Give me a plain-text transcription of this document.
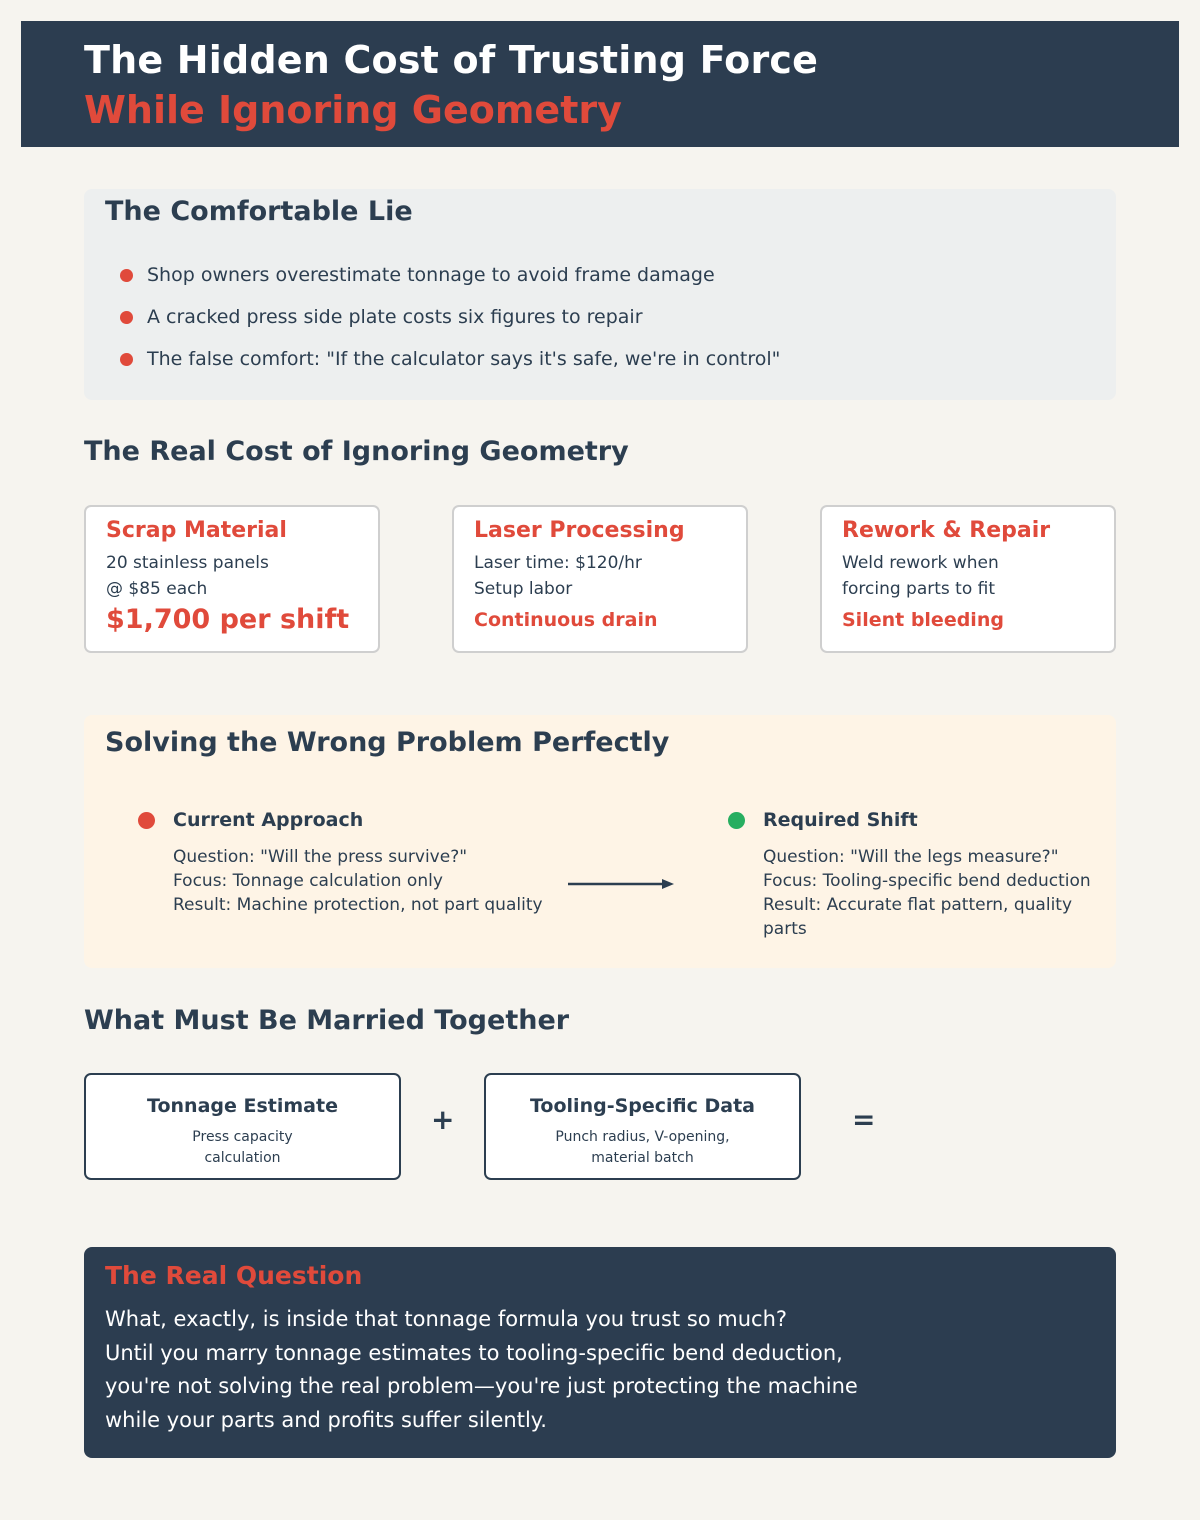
The Hidden Cost of Trusting Force
While Ignoring Geometry
The Comfortable Lie
Shop owners overestimate tonnage to avoid frame damage
A cracked press side plate costs six figures to repair
The false comfort: "If the calculator says it's safe, we're in control"
The Real Cost of Ignoring Geometry
Scrap Material
20 stainless panels
@ $85 each
$1,700 per shift
Laser Processing
Laser time: $120/hr
Setup labor
Continuous drain
Rework & Repair
Weld rework when
forcing parts to fit
Silent bleeding
Solving the Wrong Problem Perfectly
Current Approach
Question: "Will the press survive?"
Focus: Tonnage calculation only
Result: Machine protection, not part quality
Required Shift
Question: "Will the legs measure?"
Focus: Tooling-specific bend deduction
Result: Accurate flat pattern, quality parts
What Must Be Married Together
Tonnage Estimate
Press capacity
calculation
+	Tooling-Specific Data
Punch radius, V-opening,
material batch
=
The Real Question
What, exactly, is inside that tonnage formula you trust so much?
Until you marry tonnage estimates to tooling-specific bend deduction,
you're not solving the real problem—you're just protecting the machine
while your parts and profits suffer silently.
